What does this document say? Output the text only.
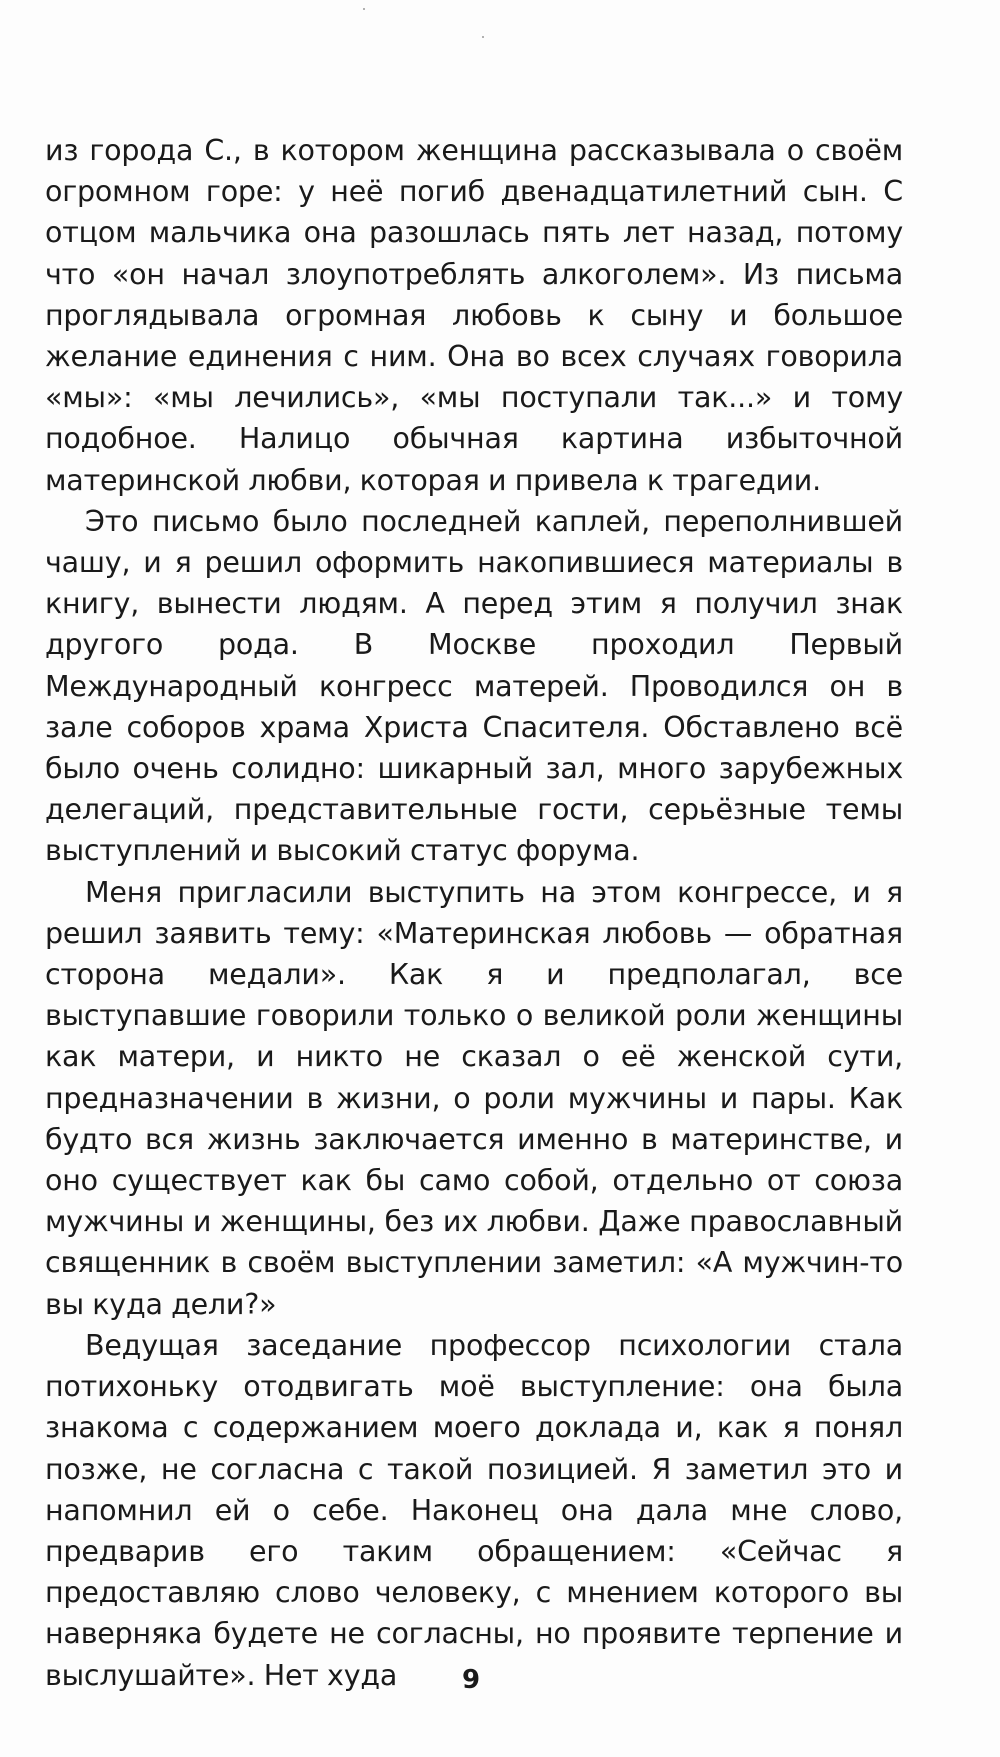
из города С., в котором женщина рассказывала о своём огромном горе: у неё погиб двенадцатилетний сын. С отцом мальчика она разошлась пять лет назад, потому что «он начал злоупотреблять алкоголем». Из письма проглядывала огромная любовь к сыну и большое желание единения с ним. Она во всех случаях говорила «мы»: «мы лечились», «мы поступали так...» и тому подобное. Налицо обычная картина избыточной материнской любви, которая и привела к трагедии.

Это письмо было последней каплей, переполнившей чашу, и я решил оформить накопившиеся материалы в книгу, вынести людям. А перед этим я получил знак другого рода. В Москве проходил Первый Международный конгресс матерей. Проводился он в зале соборов храма Христа Спасителя. Обставлено всё было очень солидно: шикарный зал, много зарубежных делегаций, представительные гости, серьёзные темы выступлений и высокий статус форума.

Меня пригласили выступить на этом конгрессе, и я решил заявить тему: «Материнская любовь — обратная сторона медали». Как я и предполагал, все выступавшие говорили только о великой роли женщины как матери, и никто не сказал о её женской сути, предназначении в жизни, о роли мужчины и пары. Как будто вся жизнь заключается именно в материнстве, и оно существует как бы само собой, отдельно от союза мужчины и женщины, без их любви. Даже православный священник в своём выступлении заметил: «А мужчин-то вы куда дели?»

Ведущая заседание профессор психологии стала потихоньку отодвигать моё выступление: она была знакома с содержанием моего доклада и, как я понял позже, не согласна с такой позицией. Я заметил это и напомнил ей о себе. Наконец она дала мне слово, предварив его таким обращением: «Сейчас я предоставляю слово человеку, с мнением которого вы наверняка будете не согласны, но проявите терпение и выслушайте». Нет худа	9
